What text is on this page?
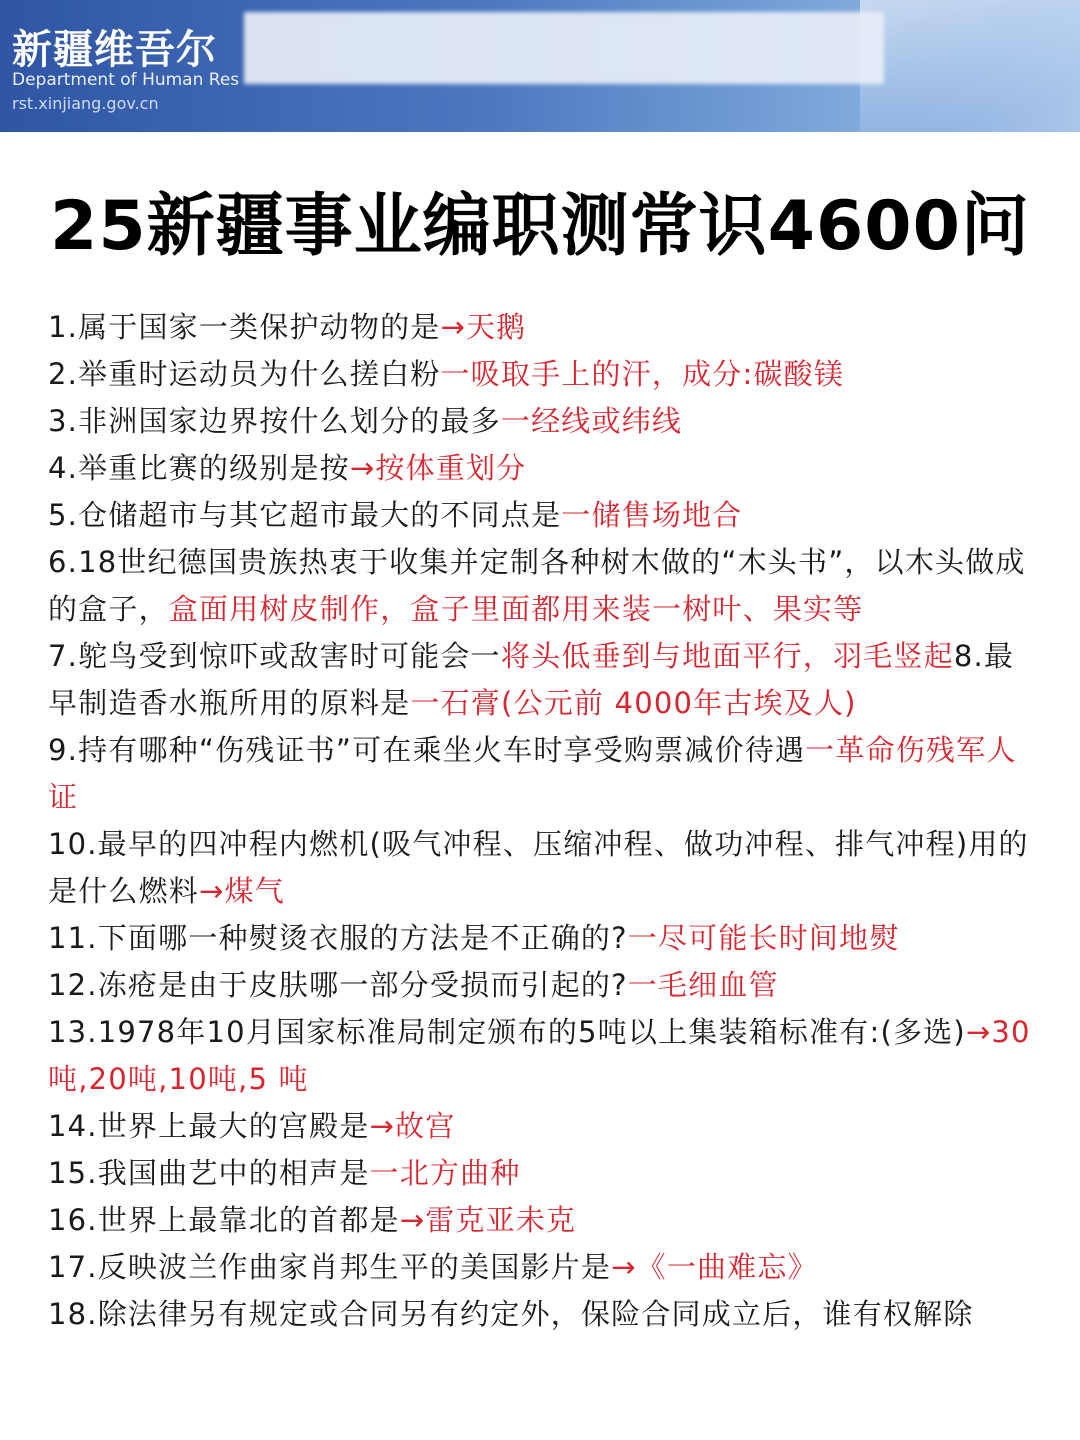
新疆维吾尔
Department of Human Res
rst.xinjiang.gov.cn
25新疆事业编职测常识4600问

1.属于国家一类保护动物的是→天鹅

2.举重时运动员为什么搓白粉一吸取手上的汗，成分:碳酸镁

3.非洲国家边界按什么划分的最多一经线或纬线

4.举重比赛的级别是按→按体重划分

5.仓储超市与其它超市最大的不同点是一储售场地合

6.18世纪德国贵族热衷于收集并定制各种树木做的“木头书”，以木头做成的盒子，盒面用树皮制作，盒子里面都用来装一树叶、果实等

7.鸵鸟受到惊吓或敌害时可能会一将头低垂到与地面平行，羽毛竖起8.最早制造香水瓶所用的原料是一石膏(公元前 4000年古埃及人)

9.持有哪种“伤残证书”可在乘坐火车时享受购票减价待遇一革命伤残军人证

10.最早的四冲程内燃机(吸气冲程、压缩冲程、做功冲程、排气冲程)用的是什么燃料→煤气

11.下面哪一种熨烫衣服的方法是不正确的?一尽可能长时间地熨

12.冻疮是由于皮肤哪一部分受损而引起的?一毛细血管

13.1978年10月国家标准局制定颁布的5吨以上集装箱标准有:(多选)→30吨,20吨,10吨,5 吨

14.世界上最大的宫殿是→故宫

15.我国曲艺中的相声是一北方曲种

16.世界上最靠北的首都是→雷克亚未克

17.反映波兰作曲家肖邦生平的美国影片是→《一曲难忘》

18.除法律另有规定或合同另有约定外，保险合同成立后，谁有权解除
